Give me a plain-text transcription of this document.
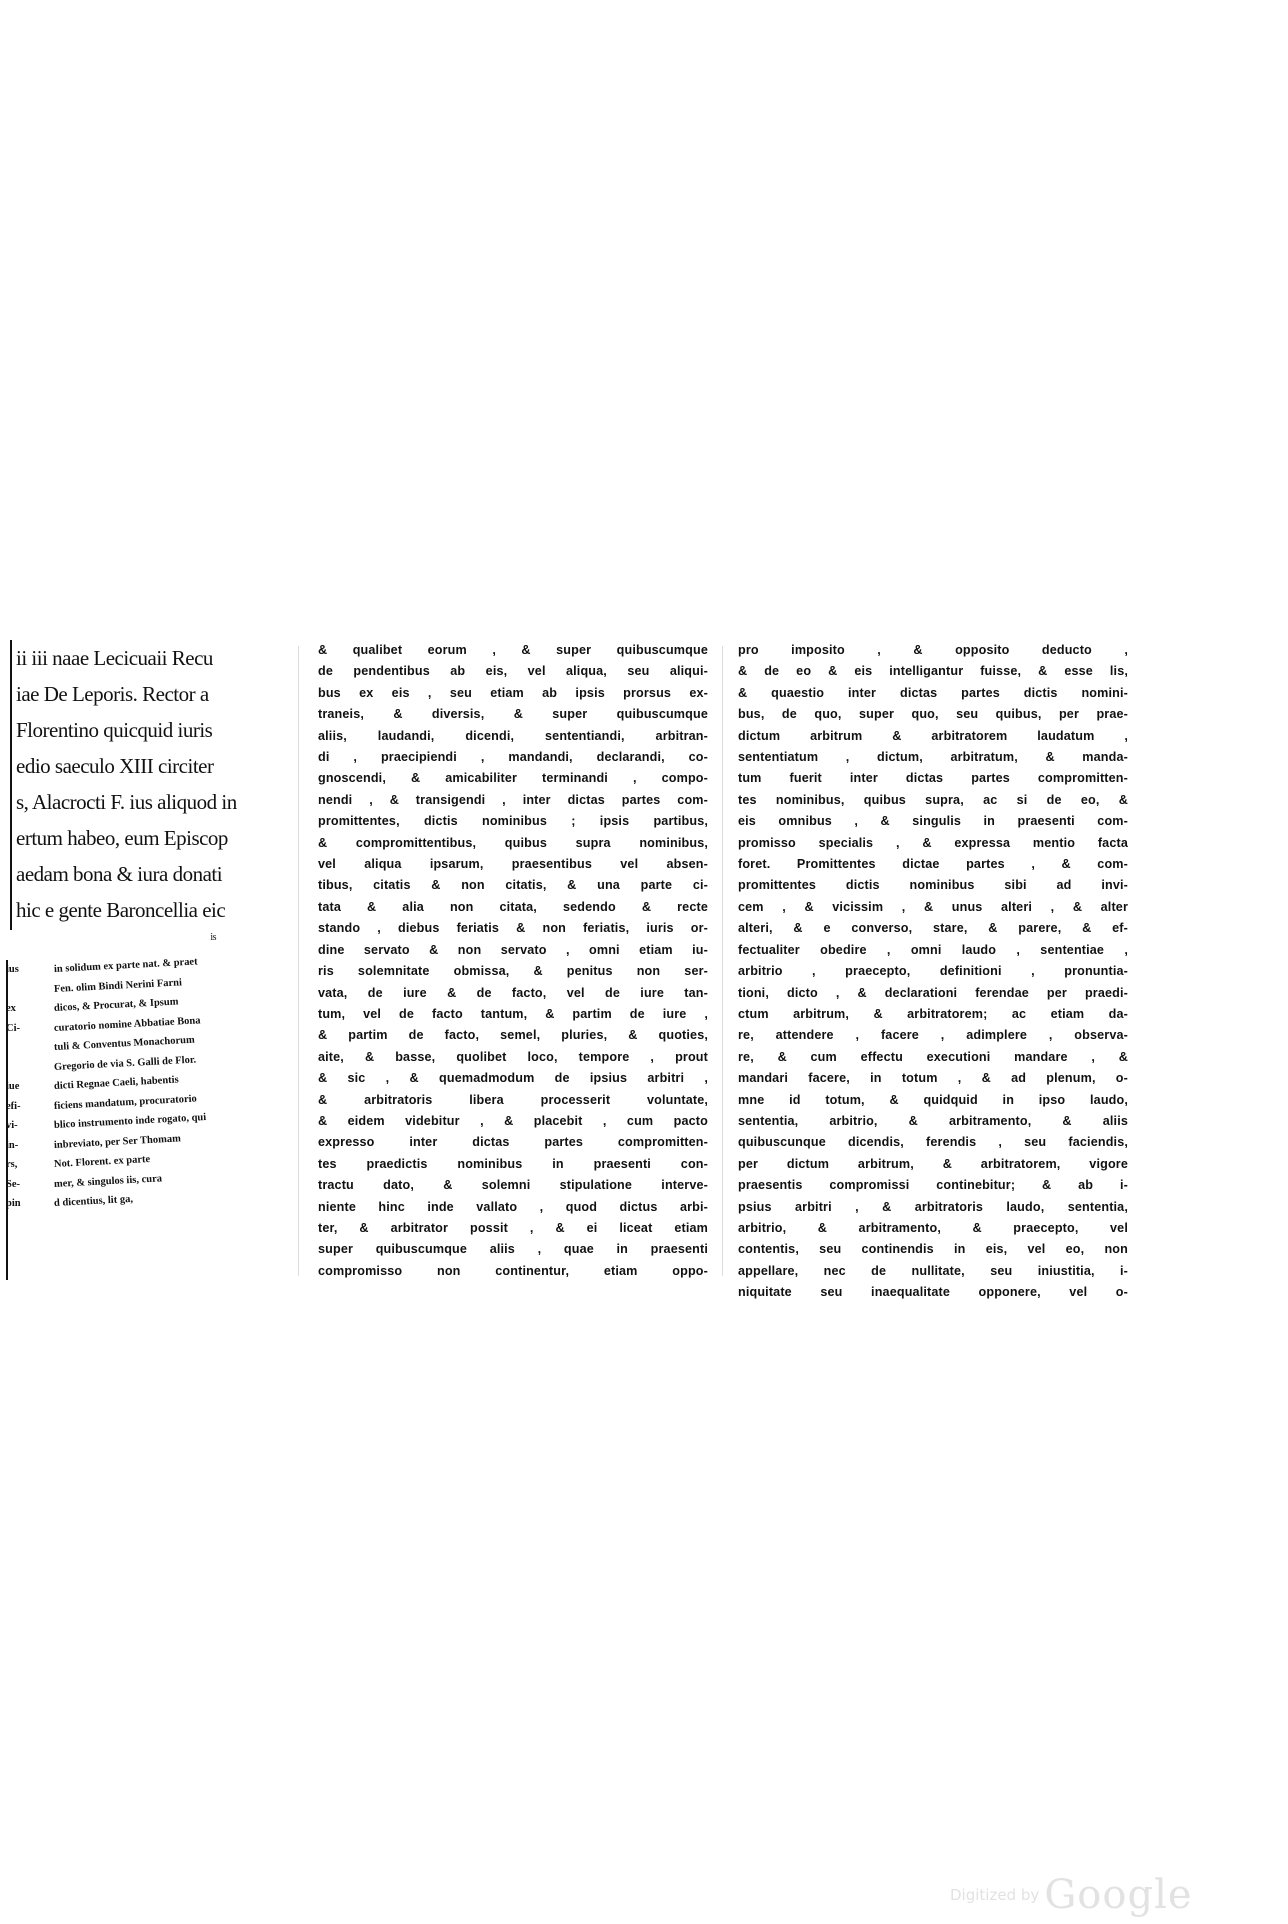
ii iii naae Lecicuaii Recu
iae De Leporis. Rector a
Florentino quicquid iuris
edio saeculo XIII circiter
s, Alacrocti F. ius aliquod in
ertum habeo, eum Episcop
aedam bona & iura donati
hic e gente Baroncellia eic
is
ius	in solidum ex parte nat. & praet
Fen. olim Bindi Nerini Farni
ex	dicos, & Procurat, & Ipsum
Ci-	curatorio nomine Abbatiae Bona
tuli & Conventus Monachorum
Gregorio de via S. Galli de Flor.
iue	dicti Regnae Caeli, habentis
efi-	ficiens mandatum, procuratorio
vi-	blico instrumento inde rogato, qui
in-	inbreviato, per Ser Thomam
rs,	Not. Florent. ex parte
Se-	mer, & singulos iis, cura
pin	d dicentius, lit ga,
& qualibet eorum , & super quibuscumque
de pendentibus ab eis, vel aliqua, seu aliqui-
bus ex eis , seu etiam ab ipsis prorsus ex-
traneis, & diversis, & super quibuscumque
aliis, laudandi, dicendi, sententiandi, arbitran-
di , praecipiendi , mandandi, declarandi, co-
gnoscendi, & amicabiliter terminandi , compo-
nendi , & transigendi , inter dictas partes com-
promittentes, dictis nominibus ; ipsis partibus,
& compromittentibus, quibus supra nominibus,
vel aliqua ipsarum, praesentibus vel absen-
tibus, citatis & non citatis, & una parte ci-
tata & alia non citata, sedendo & recte
stando , diebus feriatis & non feriatis, iuris or-
dine servato & non servato , omni etiam iu-
ris solemnitate obmissa, & penitus non ser-
vata, de iure & de facto, vel de iure tan-
tum, vel de facto tantum, & partim de iure ,
& partim de facto, semel, pluries, & quoties,
aite, & basse, quolibet loco, tempore , prout
& sic , & quemadmodum de ipsius arbitri ,
& arbitratoris libera processerit voluntate,
& eidem videbitur , & placebit , cum pacto
expresso inter dictas partes compromitten-
tes praedictis nominibus in praesenti con-
tractu dato, & solemni stipulatione interve-
niente hinc inde vallato , quod dictus arbi-
ter, & arbitrator possit , & ei liceat etiam
super quibuscumque aliis , quae in praesenti
compromisso non continentur, etiam oppo-
pro imposito , & opposito deducto ,
& de eo & eis intelligantur fuisse, & esse lis,
& quaestio inter dictas partes dictis nomini-
bus, de quo, super quo, seu quibus, per prae-
dictum arbitrum & arbitratorem laudatum ,
sententiatum , dictum, arbitratum, & manda-
tum fuerit inter dictas partes compromitten-
tes nominibus, quibus supra, ac si de eo, &
eis omnibus , & singulis in praesenti com-
promisso specialis , & expressa mentio facta
foret. Promittentes dictae partes , & com-
promittentes dictis nominibus sibi ad invi-
cem , & vicissim , & unus alteri , & alter
alteri, & e converso, stare, & parere, & ef-
fectualiter obedire , omni laudo , sententiae ,
arbitrio , praecepto, definitioni , pronuntia-
tioni, dicto , & declarationi ferendae per praedi-
ctum arbitrum, & arbitratorem; ac etiam da-
re, attendere , facere , adimplere , observa-
re, & cum effectu executioni mandare , &
mandari facere, in totum , & ad plenum, o-
mne id totum, & quidquid in ipso laudo,
sententia, arbitrio, & arbitramento, & aliis
quibuscunque dicendis, ferendis , seu faciendis,
per dictum arbitrum, & arbitratorem, vigore
praesentis compromissi continebitur; & ab i-
psius arbitri , & arbitratoris laudo, sententia,
arbitrio, & arbitramento, & praecepto, vel
contentis, seu continendis in eis, vel eo, non
appellare, nec de nullitate, seu iniustitia, i-
niquitate seu inaequalitate opponere, vel o-
Digitized by Google
